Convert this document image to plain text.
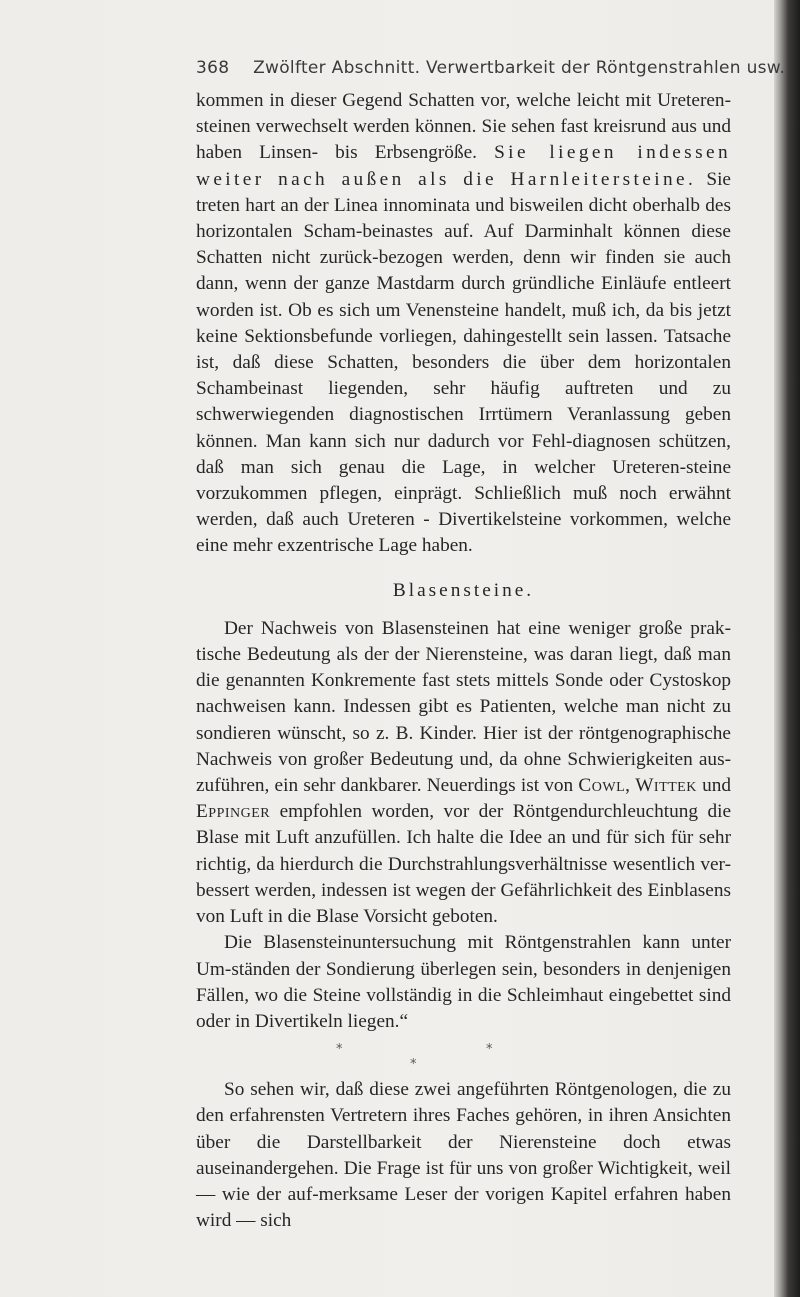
368 Zwölfter Abschnitt. Verwertbarkeit der Röntgenstrahlen usw.

kommen in dieser Gegend Schatten vor, welche leicht mit Ureteren-steinen verwechselt werden können. Sie sehen fast kreisrund aus und haben Linsen- bis Erbsengröße. Sie liegen indessen weiter nach außen als die Harnleitersteine. Sie treten hart an der Linea innominata und bisweilen dicht oberhalb des horizontalen Scham-beinastes auf. Auf Darminhalt können diese Schatten nicht zurück-bezogen werden, denn wir finden sie auch dann, wenn der ganze Mastdarm durch gründliche Einläufe entleert worden ist. Ob es sich um Venensteine handelt, muß ich, da bis jetzt keine Sektionsbefunde vorliegen, dahingestellt sein lassen. Tatsache ist, daß diese Schatten, besonders die über dem horizontalen Schambeinast liegenden, sehr häufig auftreten und zu schwerwiegenden diagnostischen Irrtümern Veranlassung geben können. Man kann sich nur dadurch vor Fehl-diagnosen schützen, daß man sich genau die Lage, in welcher Ureteren-steine vorzukommen pflegen, einprägt. Schließlich muß noch erwähnt werden, daß auch Ureteren - Divertikelsteine vorkommen, welche eine mehr exzentrische Lage haben.

Blasensteine.

Der Nachweis von Blasensteinen hat eine weniger große prak-tische Bedeutung als der der Nierensteine, was daran liegt, daß man die genannten Konkremente fast stets mittels Sonde oder Cystoskop nachweisen kann. Indessen gibt es Patienten, welche man nicht zu sondieren wünscht, so z. B. Kinder. Hier ist der röntgenographische Nachweis von großer Bedeutung und, da ohne Schwierigkeiten aus-zuführen, ein sehr dankbarer. Neuerdings ist von Cowl, Wittek und Eppinger empfohlen worden, vor der Röntgendurchleuchtung die Blase mit Luft anzufüllen. Ich halte die Idee an und für sich für sehr richtig, da hierdurch die Durchstrahlungsverhältnisse wesentlich ver-bessert werden, indessen ist wegen der Gefährlichkeit des Einblasens von Luft in die Blase Vorsicht geboten.

Die Blasensteinuntersuchung mit Röntgenstrahlen kann unter Um-ständen der Sondierung überlegen sein, besonders in denjenigen Fällen, wo die Steine vollständig in die Schleimhaut eingebettet sind oder in Divertikeln liegen.“

*	*
*

So sehen wir, daß diese zwei angeführten Röntgenologen, die zu den erfahrensten Vertretern ihres Faches gehören, in ihren Ansichten über die Darstellbarkeit der Nierensteine doch etwas auseinandergehen. Die Frage ist für uns von großer Wichtigkeit, weil — wie der auf-merksame Leser der vorigen Kapitel erfahren haben wird — sich
